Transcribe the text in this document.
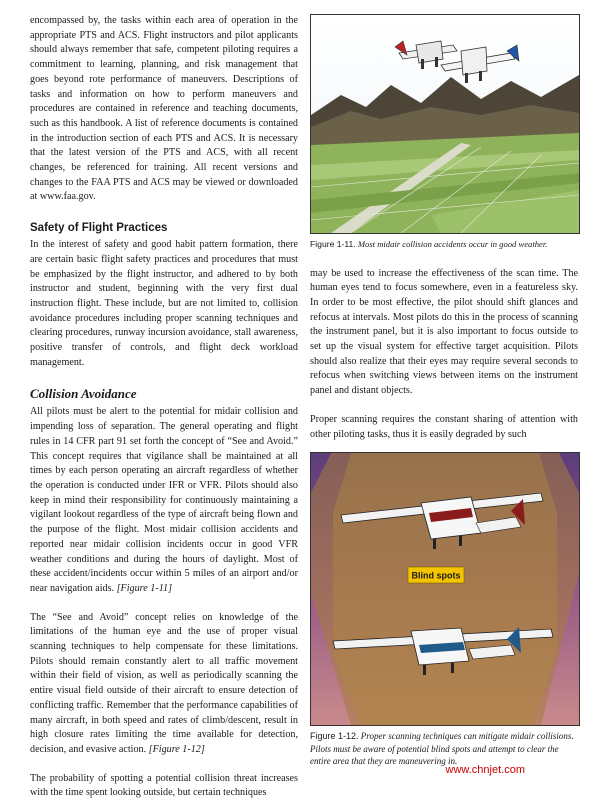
encompassed by, the tasks within each area of operation in the appropriate PTS and ACS. Flight instructors and pilot applicants should always remember that safe, competent piloting requires a commitment to learning, planning, and risk management that goes beyond rote performance of maneuvers. Descriptions of tasks and information on how to perform maneuvers and procedures are contained in reference and teaching documents, such as this handbook. A list of reference documents is contained in the introduction section of each PTS and ACS. It is necessary that the latest version of the PTS and ACS, with all recent changes, be referenced for training. All recent versions and changes to the FAA PTS and ACS may be viewed or downloaded at www.faa.gov.

Safety of Flight Practices

In the interest of safety and good habit pattern formation, there are certain basic flight safety practices and procedures that must be emphasized by the flight instructor, and adhered to by both instructor and student, beginning with the very first dual instruction flight. These include, but are not limited to, collision avoidance procedures including proper scanning techniques and clearing procedures, runway incursion avoidance, stall awareness, positive transfer of controls, and flight deck workload management.

Collision Avoidance

All pilots must be alert to the potential for midair collision and impending loss of separation. The general operating and flight rules in 14 CFR part 91 set forth the concept of “See and Avoid.” This concept requires that vigilance shall be maintained at all times by each person operating an aircraft regardless of whether the operation is conducted under IFR or VFR. Pilots should also keep in mind their responsibility for continuously maintaining a vigilant lookout regardless of the type of aircraft being flown and the purpose of the flight. Most midair collision accidents and reported near midair collision incidents occur in good VFR weather conditions and during the hours of daylight. Most of these accident/incidents occur within 5 miles of an airport and/or near navigation aids. [Figure 1-11]

The “See and Avoid” concept relies on knowledge of the limitations of the human eye and the use of proper visual scanning techniques to help compensate for these limitations. Pilots should remain constantly alert to all traffic movement within their field of vision, as well as periodically scanning the entire visual field outside of their aircraft to ensure detection of conflicting traffic. Remember that the performance capabilities of many aircraft, in both speed and rates of climb/descent, result in high closure rates limiting the time available for detection, decision, and evasive action. [Figure 1-12]

The probability of spotting a potential collision threat increases with the time spent looking outside, but certain techniques

Figure 1-11. Most midair collision accidents occur in good weather.

may be used to increase the effectiveness of the scan time. The human eyes tend to focus somewhere, even in a featureless sky. In order to be most effective, the pilot should shift glances and refocus at intervals. Most pilots do this in the process of scanning the instrument panel, but it is also important to focus outside to set up the visual system for effective target acquisition. Pilots should also realize that their eyes may require several seconds to refocus when switching views between items on the instrument panel and distant objects.

Proper scanning requires the constant sharing of attention with other piloting tasks, thus it is easily degraded by such

Blind spots
Figure 1-12. Proper scanning techniques can mitigate midair collisions. Pilots must be aware of potential blind spots and attempt to clear the entire area that they are maneuvering in.
www.chnjet.com
